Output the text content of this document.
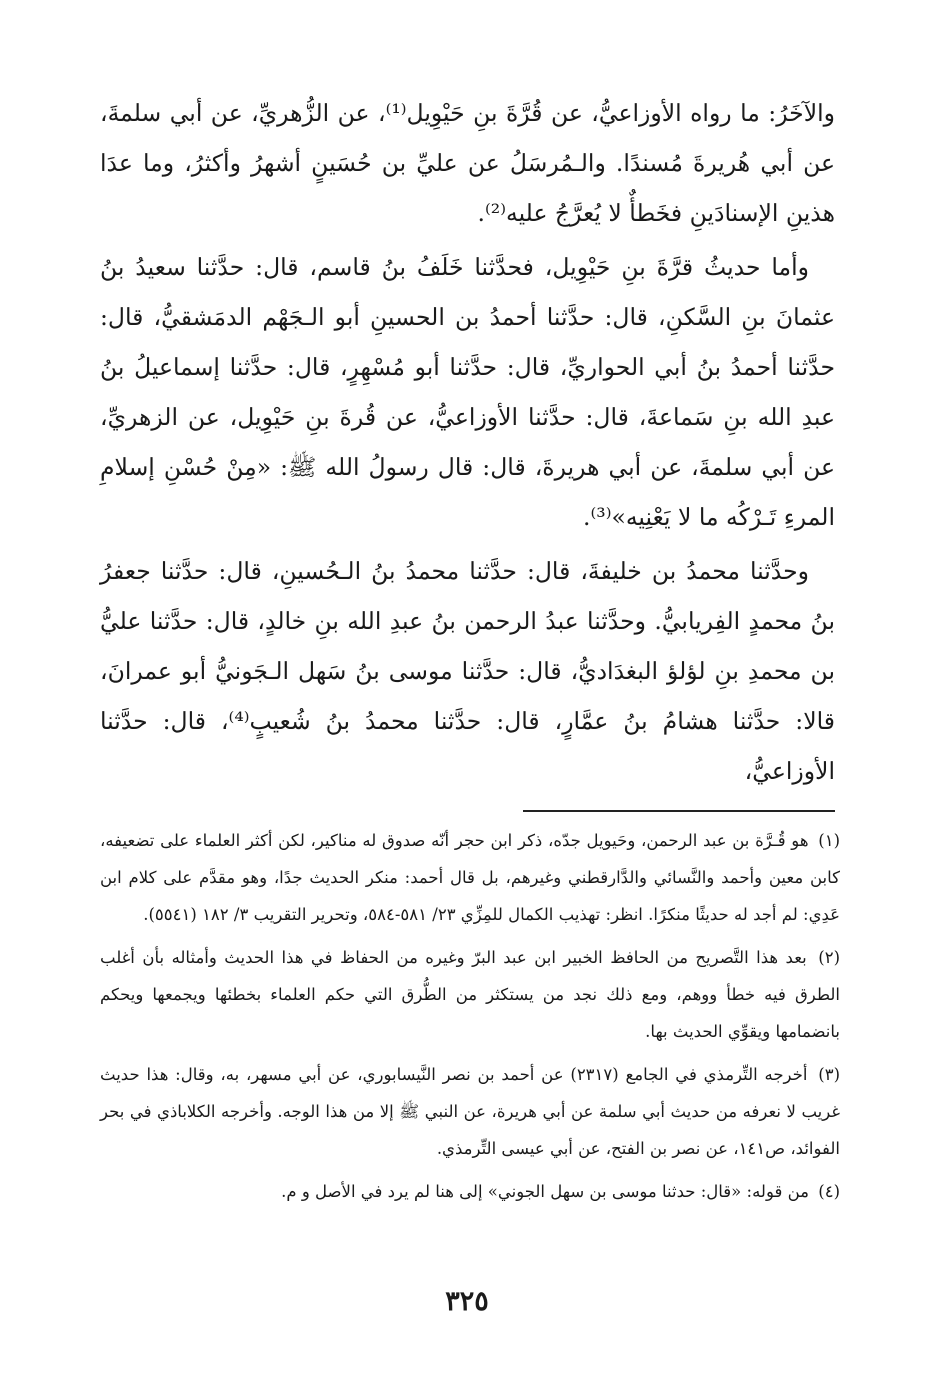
والآخَرُ: ما رواه الأوزاعيُّ، عن قُرَّةَ بنِ حَيْوِيل⁽¹⁾، عن الزُّهريِّ، عن أبي سلمةَ، عن أبي هُريرةَ مُسندًا. والـمُرسَلُ عن عليِّ بن حُسَينٍ أشهرُ وأكثرُ، وما عدَا هذينِ الإسنادَينِ فخَطأٌ لا يُعرَّجُ عليه⁽²⁾.

وأما حديثُ قرَّةَ بنِ حَيْوِيل، فحدَّثنا خَلَفُ بنُ قاسم، قال: حدَّثنا سعيدُ بنُ عثمانَ بنِ السَّكنِ، قال: حدَّثنا أحمدُ بن الحسينِ أبو الـجَهْم الدمَشقيُّ، قال: حدَّثنا أحمدُ بنُ أبي الحواريِّ، قال: حدَّثنا أبو مُسْهِرٍ، قال: حدَّثنا إسماعيلُ بنُ عبدِ الله بنِ سَماعةَ، قال: حدَّثنا الأوزاعيُّ، عن قُرةَ بنِ حَيْوِيل، عن الزهريِّ، عن أبي سلمةَ، عن أبي هريرةَ، قال: قال رسولُ الله ﷺ: «مِنْ حُسْنِ إسلامِ المرءِ تَـرْكُه ما لا يَعْنِيه»⁽³⁾.

وحدَّثنا محمدُ بن خليفةَ، قال: حدَّثنا محمدُ بنُ الـحُسينِ، قال: حدَّثنا جعفرُ بنُ محمدٍ الفِريابيُّ. وحدَّثنا عبدُ الرحمن بنُ عبدِ الله بنِ خالدٍ، قال: حدَّثنا عليُّ بن محمدِ بنِ لؤلؤ البغدَاديُّ، قال: حدَّثنا موسى بنُ سَهل الـجَونيُّ أبو عمرانَ، قالا: حدَّثنا هشامُ بنُ عمَّارٍ، قال: حدَّثنا محمدُ بنُ شُعيبٍ⁽⁴⁾، قال: حدَّثنا الأوزاعيُّ،

(١) هو قُـرَّة بن عبد الرحمن، وحَيويل جدّه، ذكر ابن حجر أنّه صدوق له مناكير، لكن أكثر العلماء على تضعيفه، كابن معين وأحمد والنَّسائي والدَّارقطني وغيرهم، بل قال أحمد: منكر الحديث جدًا، وهو مقدَّم على كلام ابن عَدِي: لم أجد له حديثًا منكرًا. انظر: تهذيب الكمال للمِزِّي ٢٣/ ٥٨١-٥٨٤، وتحرير التقريب ٣/ ١٨٢ (٥٥٤١).

(٢) بعد هذا التَّصريح من الحافظ الخبير ابن عبد البرّ وغيره من الحفاظ في هذا الحديث وأمثاله بأن أغلب الطرق فيه خطأ ووهم، ومع ذلك نجد من يستكثر من الطُّرق التي حكم العلماء بخطئها ويجمعها ويحكم بانضمامها ويقوِّي الحديث بها.

(٣) أخرجه التِّرمذي في الجامع (٢٣١٧) عن أحمد بن نصر النَّيسابوري، عن أبي مسهر، به، وقال: هذا حديث غريب لا نعرفه من حديث أبي سلمة عن أبي هريرة، عن النبي ﷺ إلا من هذا الوجه. وأخرجه الكلاباذي في بحر الفوائد، ص١٤١، عن نصر بن الفتح، عن أبي عيسى التِّرمذي.

(٤) من قوله: «قال: حدثنا موسى بن سهل الجوني» إلى هنا لم يرد في الأصل و م.

٣٢٥
